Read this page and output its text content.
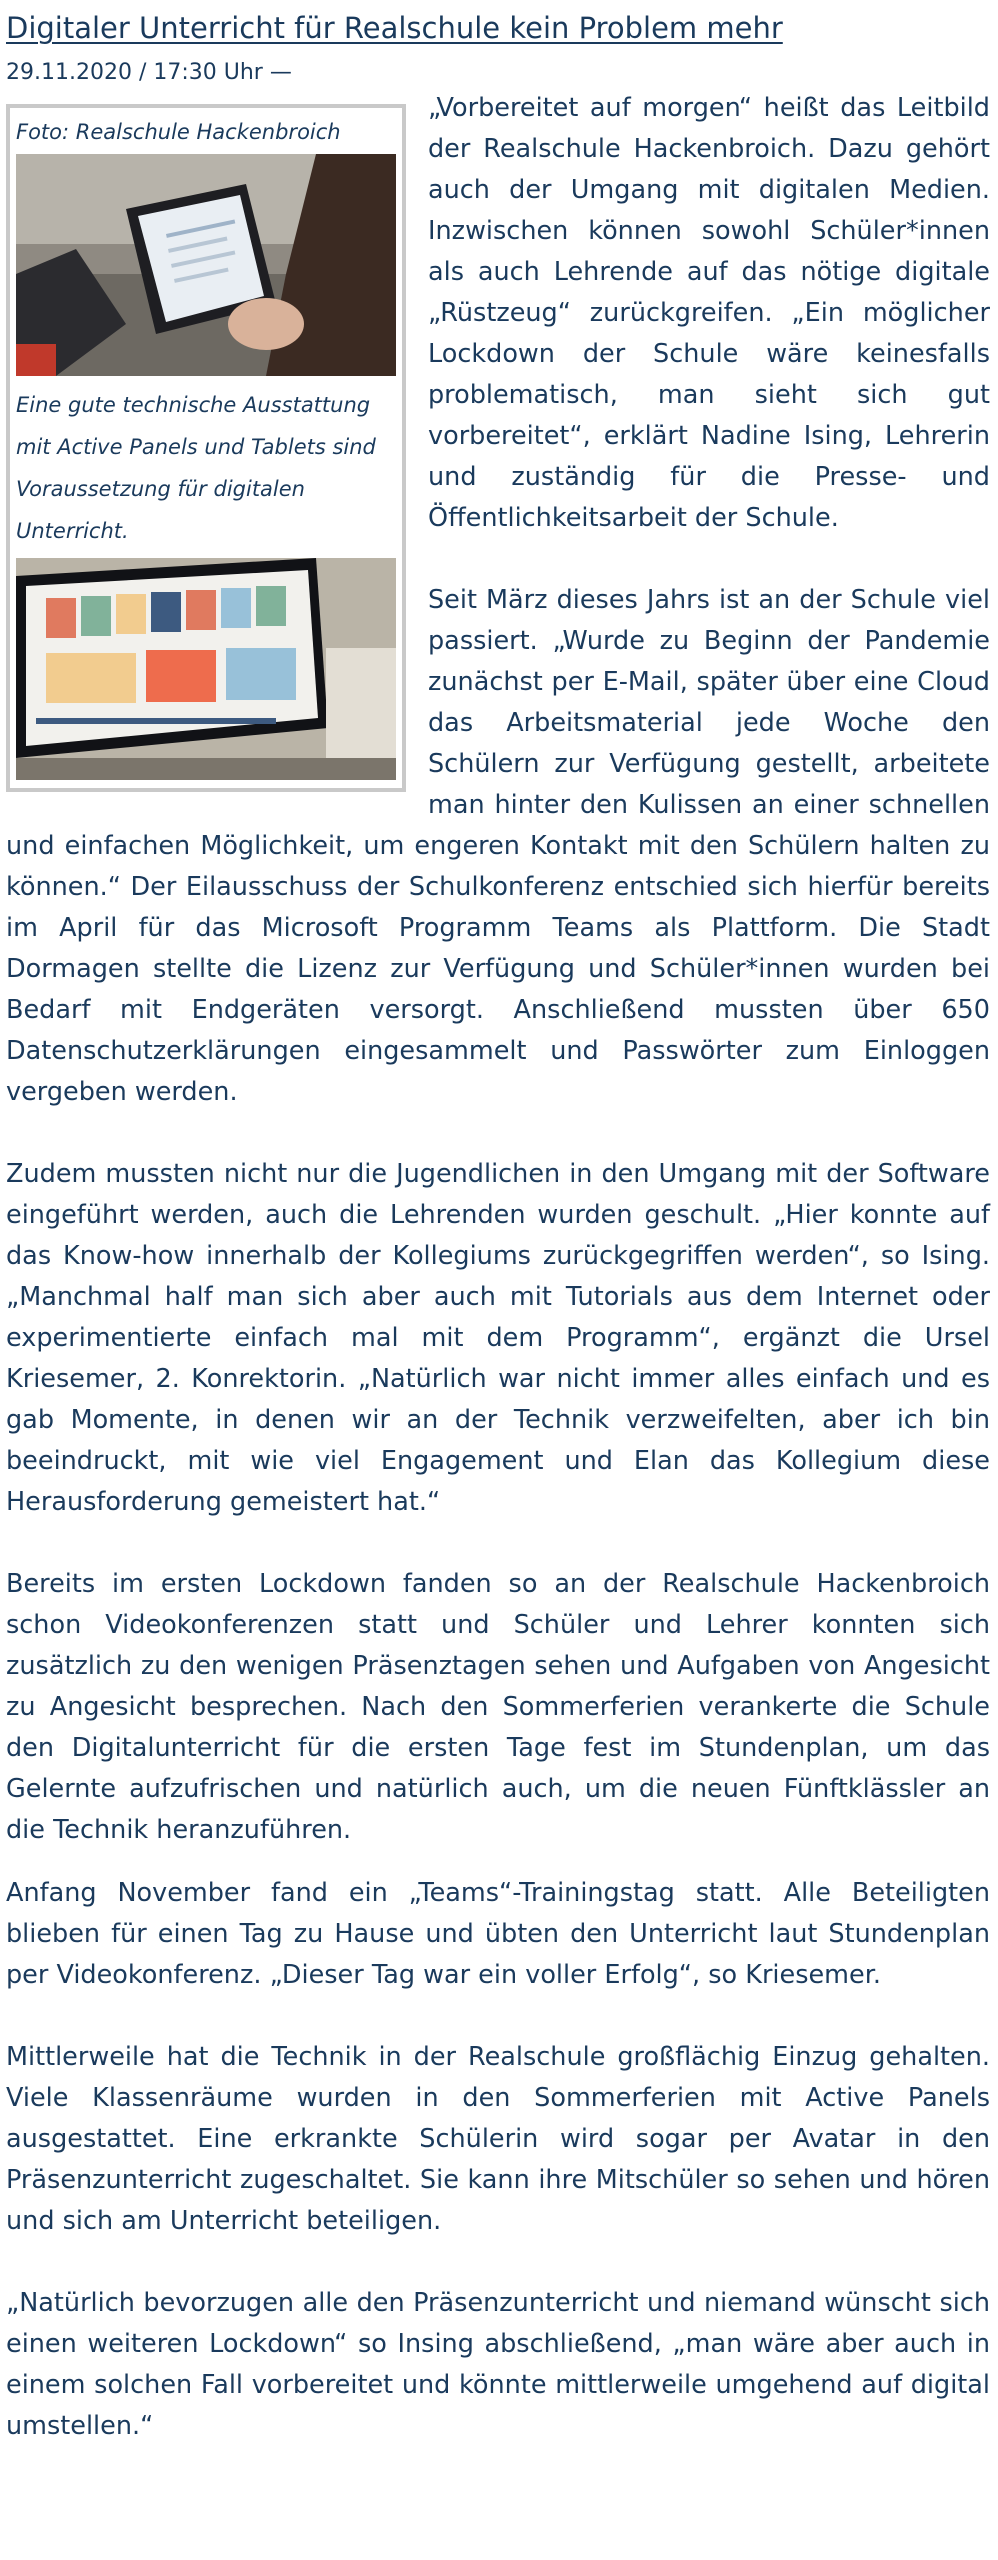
Digitaler Unterricht für Realschule kein Problem mehr
29.11.2020 / 17:30 Uhr —
Foto: Realschule Hackenbroich
Eine gute technische Ausstattung mit Active Panels und Tablets sind Voraussetzung für digitalen Unterricht.

„Vorbereitet auf morgen“ heißt das Leitbild der Realschule Hackenbroich. Dazu gehört auch der Umgang mit digitalen Medien. Inzwischen können sowohl Schüler*innen als auch Lehrende auf das nötige digitale „Rüstzeug“ zurückgreifen. „Ein möglicher Lockdown der Schule wäre keinesfalls problematisch, man sieht sich gut vorbereitet“, erklärt Nadine Ising, Lehrerin und zuständig für die Presse- und Öffentlichkeitsarbeit der Schule.

Seit März dieses Jahrs ist an der Schule viel passiert. „Wurde zu Beginn der Pandemie zunächst per E-Mail, später über eine Cloud das Arbeitsmaterial jede Woche den Schülern zur Verfügung gestellt, arbeitete man hinter den Kulissen an einer schnellen und einfachen Möglichkeit, um engeren Kontakt mit den Schülern halten zu können.“ Der Eilausschuss der Schulkonferenz entschied sich hierfür bereits im April für das Microsoft Programm Teams als Plattform. Die Stadt Dormagen stellte die Lizenz zur Verfügung und Schüler*innen wurden bei Bedarf mit Endgeräten versorgt. Anschließend mussten über 650 Datenschutzerklärungen eingesammelt und Passwörter zum Einloggen vergeben werden.

Zudem mussten nicht nur die Jugendlichen in den Umgang mit der Software eingeführt werden, auch die Lehrenden wurden geschult. „Hier konnte auf das Know-how innerhalb der Kollegiums zurückgegriffen werden“, so Ising. „Manchmal half man sich aber auch mit Tutorials aus dem Internet oder experimentierte einfach mal mit dem Programm“, ergänzt die Ursel Kriesemer, 2. Konrektorin. „Natürlich war nicht immer alles einfach und es gab Momente, in denen wir an der Technik verzweifelten, aber ich bin beeindruckt, mit wie viel Engagement und Elan das Kollegium diese Herausforderung gemeistert hat.“

Bereits im ersten Lockdown fanden so an der Realschule Hackenbroich schon Videokonferenzen statt und Schüler und Lehrer konnten sich zusätzlich zu den wenigen Präsenztagen sehen und Aufgaben von Angesicht zu Angesicht besprechen. Nach den Sommerferien verankerte die Schule den Digitalunterricht für die ersten Tage fest im Stundenplan, um das Gelernte aufzufrischen und natürlich auch, um die neuen Fünftklässler an die Technik heranzuführen.

Anfang November fand ein „Teams“-Trainingstag statt. Alle Beteiligten blieben für einen Tag zu Hause und übten den Unterricht laut Stundenplan per Videokonferenz. „Dieser Tag war ein voller Erfolg“, so Kriesemer.

Mittlerweile hat die Technik in der Realschule großflächig Einzug gehalten. Viele Klassenräume wurden in den Sommerferien mit Active Panels ausgestattet. Eine erkrankte Schülerin wird sogar per Avatar in den Präsenzunterricht zugeschaltet. Sie kann ihre Mitschüler so sehen und hören und sich am Unterricht beteiligen.

„Natürlich bevorzugen alle den Präsenzunterricht und niemand wünscht sich einen weiteren Lockdown“ so Insing abschließend, „man wäre aber auch in einem solchen Fall vorbereitet und könnte mittlerweile umgehend auf digital umstellen.“
